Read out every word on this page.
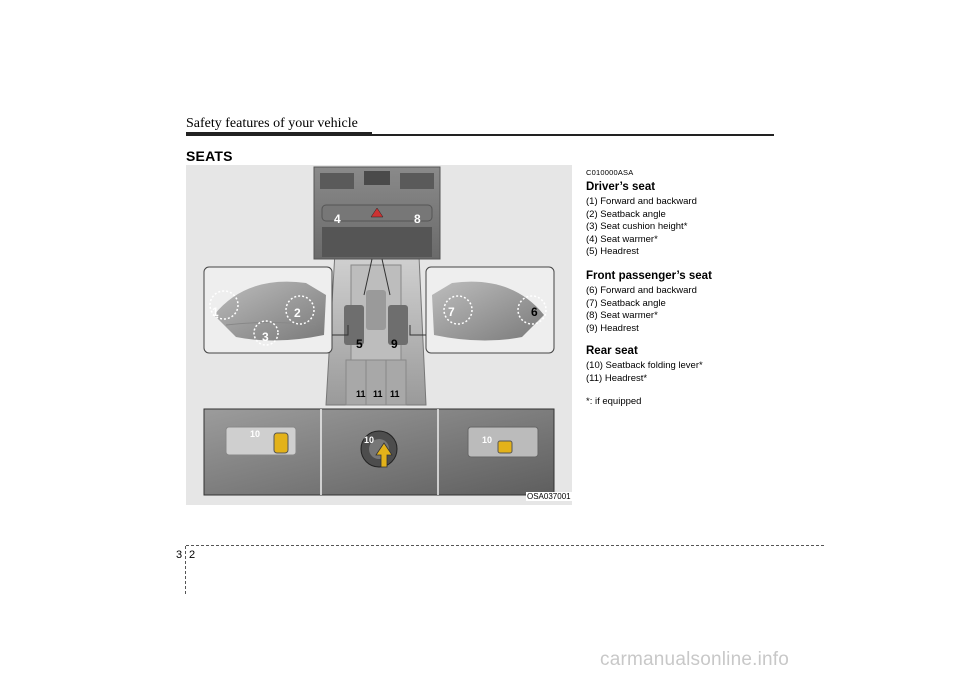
Safety features of your vehicle
SEATS
1	2
3
4
5
6
7
8
9
10
10	10
11 11 11
OSA037001
C010000ASA
Driver’s seat
(1) Forward and backward
(2) Seatback angle
(3) Seat cushion height*
(4) Seat warmer*
(5) Headrest
Front passenger’s seat
(6) Forward and backward
(7) Seatback angle
(8) Seat warmer*
(9) Headrest
Rear seat
(10) Seatback folding lever*
(11) Headrest*
*: if equipped
3 2
carmanualsonline.info
